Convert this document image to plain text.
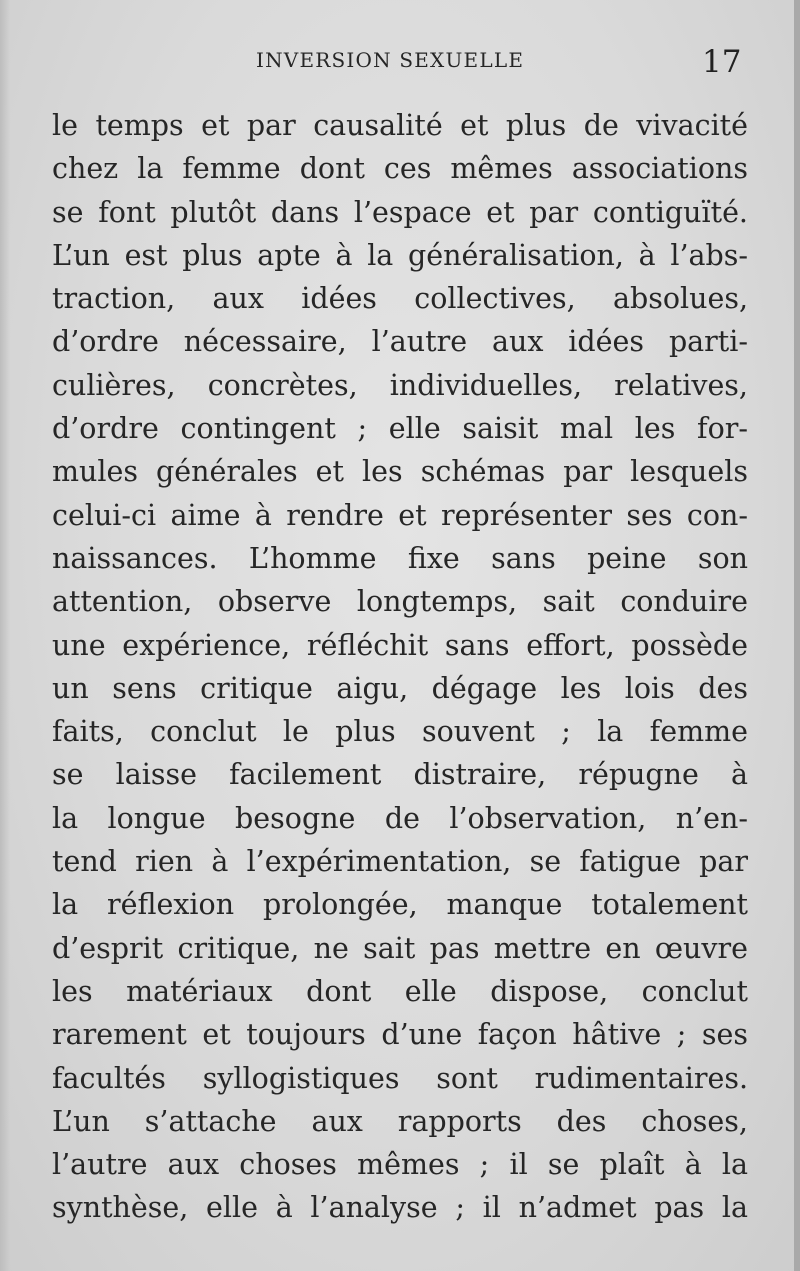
INVERSION SEXUELLE	17
le temps et par causalité et plus de vivacité
chez la femme dont ces mêmes associations
se font plutôt dans l’espace et par contiguïté.
L’un est plus apte à la généralisation, à l’abs-
traction, aux idées collectives, absolues,
d’ordre nécessaire, l’autre aux idées parti-
culières, concrètes, individuelles, relatives,
d’ordre contingent ; elle saisit mal les for-
mules générales et les schémas par lesquels
celui-ci aime à rendre et représenter ses con-
naissances. L’homme fixe sans peine son
attention, observe longtemps, sait conduire
une expérience, réfléchit sans effort, possède
un sens critique aigu, dégage les lois des
faits, conclut le plus souvent ; la femme
se laisse facilement distraire, répugne à
la longue besogne de l’observation, n’en-
tend rien à l’expérimentation, se fatigue par
la réflexion prolongée, manque totalement
d’esprit critique, ne sait pas mettre en œuvre
les matériaux dont elle dispose, conclut
rarement et toujours d’une façon hâtive ; ses
facultés syllogistiques sont rudimentaires.
L’un s’attache aux rapports des choses,
l’autre aux choses mêmes ; il se plaît à la
synthèse, elle à l’analyse ; il n’admet pas la
